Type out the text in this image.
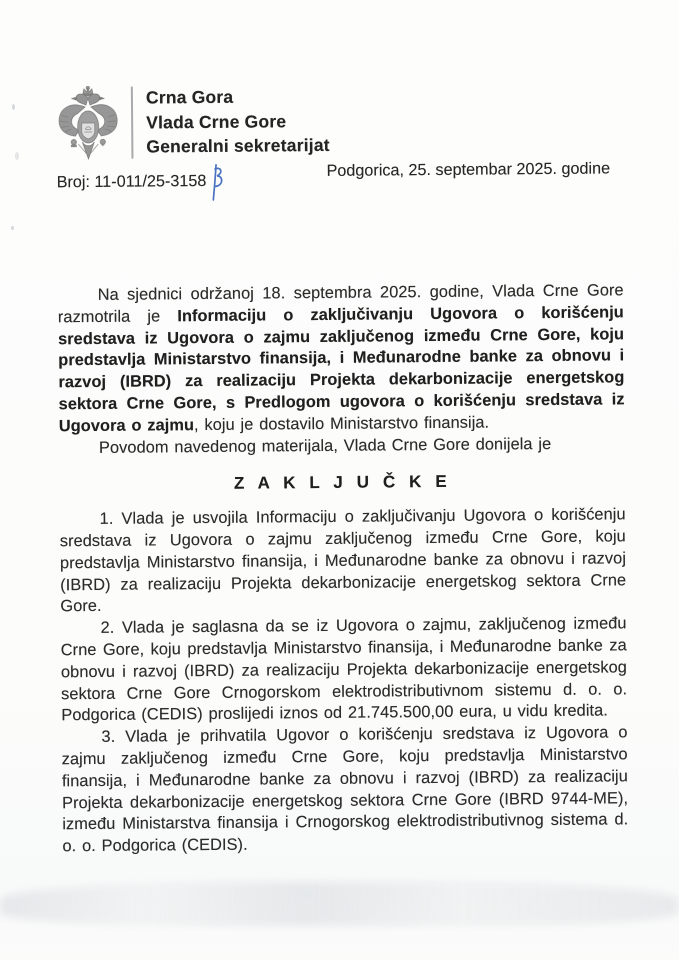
Crna Gora
Vlada Crne Gore
Generalni sekretarijat
Broj: 11-011/25-3158
Podgorica, 25. septembar 2025. godine

Na sjednici održanoj 18. septembra 2025. godine, Vlada Crne Gore razmotrila je Informaciju o zaključivanju Ugovora o korišćenju sredstava iz Ugovora o zajmu zaključenog između Crne Gore, koju predstavlja Ministarstvo finansija, i Međunarodne banke za obnovu i razvoj (IBRD) za realizaciju Projekta dekarbonizacije energetskog sektora Crne Gore, s Predlogom ugovora o korišćenju sredstava iz Ugovora o zajmu, koju je dostavilo Ministarstvo finansija.

Povodom navedenog materijala, Vlada Crne Gore donijela je

Z A K L J U Č K E

1. Vlada je usvojila Informaciju o zaključivanju Ugovora o korišćenju sredstava iz Ugovora o zajmu zaključenog između Crne Gore, koju predstavlja Ministarstvo finansija, i Međunarodne banke za obnovu i razvoj (IBRD) za realizaciju Projekta dekarbonizacije energetskog sektora Crne Gore.

2. Vlada je saglasna da se iz Ugovora o zajmu, zaključenog između Crne Gore, koju predstavlja Ministarstvo finansija, i Međunarodne banke za obnovu i razvoj (IBRD) za realizaciju Projekta dekarbonizacije energetskog sektora Crne Gore Crnogorskom elektrodistributivnom sistemu d. o. o. Podgorica (CEDIS) proslijedi iznos od 21.745.500,00 eura, u vidu kredita.

3. Vlada je prihvatila Ugovor o korišćenju sredstava iz Ugovora o zajmu zaključenog između Crne Gore, koju predstavlja Ministarstvo finansija, i Međunarodne banke za obnovu i razvoj (IBRD) za realizaciju Projekta dekarbonizacije energetskog sektora Crne Gore (IBRD 9744-ME), između Ministarstva finansija i Crnogorskog elektrodistributivnog sistema d. o. o. Podgorica (CEDIS).
